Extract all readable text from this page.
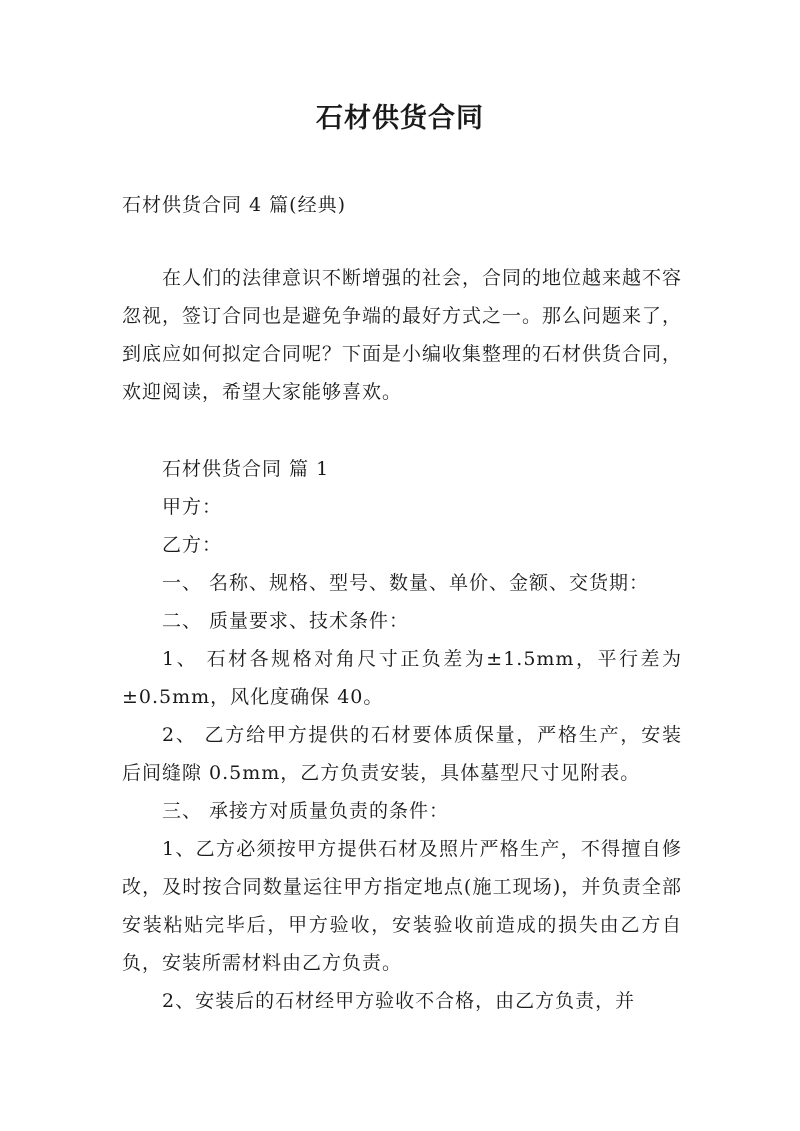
石材供货合同
石材供货合同 4 篇(经典)
在人们的法律意识不断增强的社会，合同的地位越来越不容忽视，签订合同也是避免争端的最好方式之一。那么问题来了，到底应如何拟定合同呢？下面是小编收集整理的石材供货合同，欢迎阅读，希望大家能够喜欢。

石材供货合同 篇 1

甲方：

乙方：

一、 名称、规格、型号、数量、单价、金额、交货期：

二、 质量要求、技术条件：

1、 石材各规格对角尺寸正负差为±1.5mm，平行差为±0.5mm，风化度确保 40。

2、 乙方给甲方提供的石材要体质保量，严格生产，安装后间缝隙 0.5mm，乙方负责安装，具体墓型尺寸见附表。

三、 承接方对质量负责的条件：

1、乙方必须按甲方提供石材及照片严格生产，不得擅自修改，及时按合同数量运往甲方指定地点(施工现场)，并负责全部安装粘贴完毕后，甲方验收，安装验收前造成的损失由乙方自负，安装所需材料由乙方负责。

2、安装后的石材经甲方验收不合格，由乙方负责，并
